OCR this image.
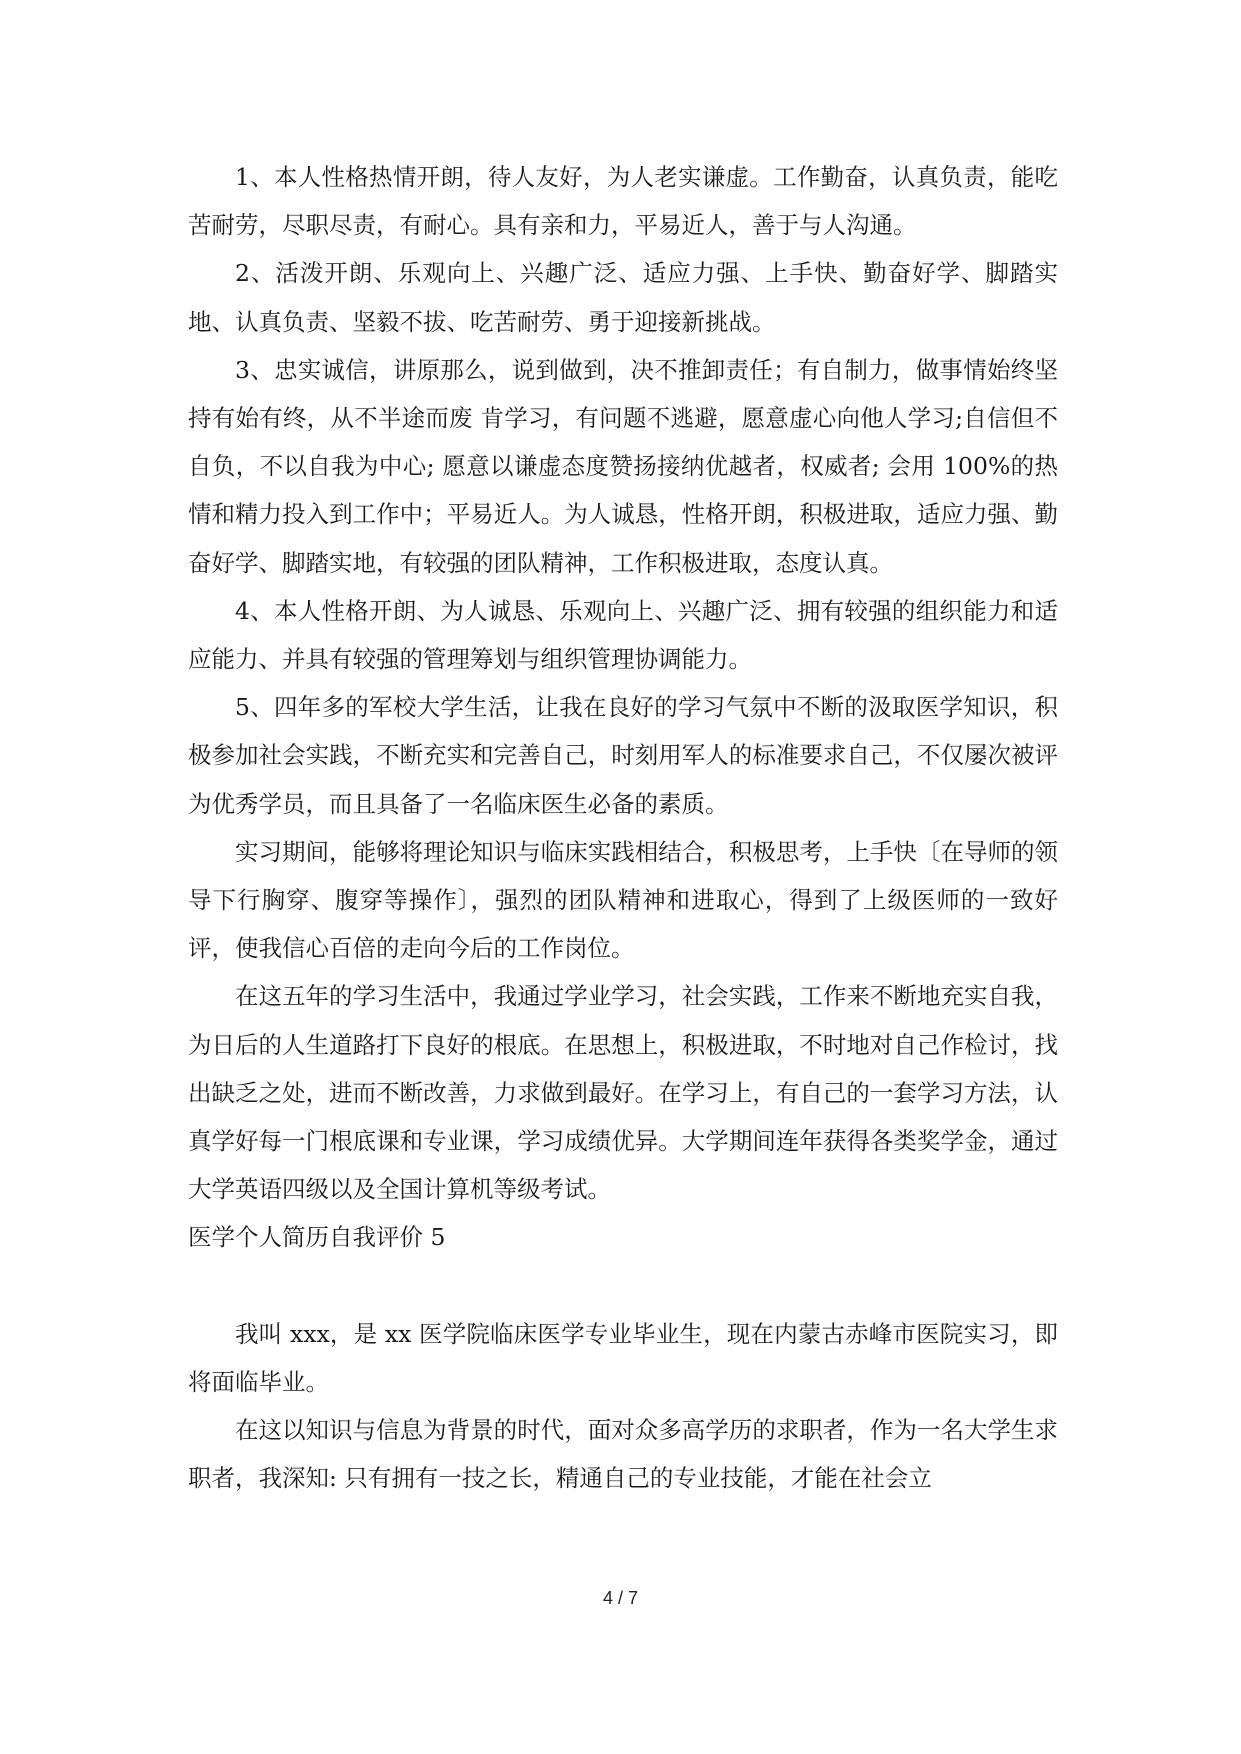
1、本人性格热情开朗，待人友好，为人老实谦虚。工作勤奋，认真负责，能吃苦耐劳，尽职尽责，有耐心。具有亲和力，平易近人，善于与人沟通。

2、活泼开朗、乐观向上、兴趣广泛、适应力强、上手快、勤奋好学、脚踏实地、认真负责、坚毅不拔、吃苦耐劳、勇于迎接新挑战。

3、忠实诚信，讲原那么，说到做到，决不推卸责任；有自制力，做事情始终坚持有始有终，从不半途而废 肯学习，有问题不逃避，愿意虚心向他人学习;自信但不自负，不以自我为中心; 愿意以谦虚态度赞扬接纳优越者，权威者; 会用 100%的热情和精力投入到工作中；平易近人。为人诚恳，性格开朗，积极进取，适应力强、勤奋好学、脚踏实地，有较强的团队精神，工作积极进取，态度认真。

4、本人性格开朗、为人诚恳、乐观向上、兴趣广泛、拥有较强的组织能力和适应能力、并具有较强的管理筹划与组织管理协调能力。

5、四年多的军校大学生活，让我在良好的学习气氛中不断的汲取医学知识，积极参加社会实践，不断充实和完善自己，时刻用军人的标准要求自己，不仅屡次被评为优秀学员，而且具备了一名临床医生必备的素质。

实习期间，能够将理论知识与临床实践相结合，积极思考，上手快〔在导师的领导下行胸穿、腹穿等操作〕，强烈的团队精神和进取心，得到了上级医师的一致好评，使我信心百倍的走向今后的工作岗位。

在这五年的学习生活中，我通过学业学习，社会实践，工作来不断地充实自我，为日后的人生道路打下良好的根底。在思想上，积极进取，不时地对自己作检讨，找出缺乏之处，进而不断改善，力求做到最好。在学习上，有自己的一套学习方法，认真学好每一门根底课和专业课，学习成绩优异。大学期间连年获得各类奖学金，通过大学英语四级以及全国计算机等级考试。

医学个人简历自我评价 5

我叫 xxx，是 xx 医学院临床医学专业毕业生，现在内蒙古赤峰市医院实习，即将面临毕业。

在这以知识与信息为背景的时代，面对众多高学历的求职者，作为一名大学生求职者，我深知: 只有拥有一技之长，精通自己的专业技能，才能在社会立

4 / 7
